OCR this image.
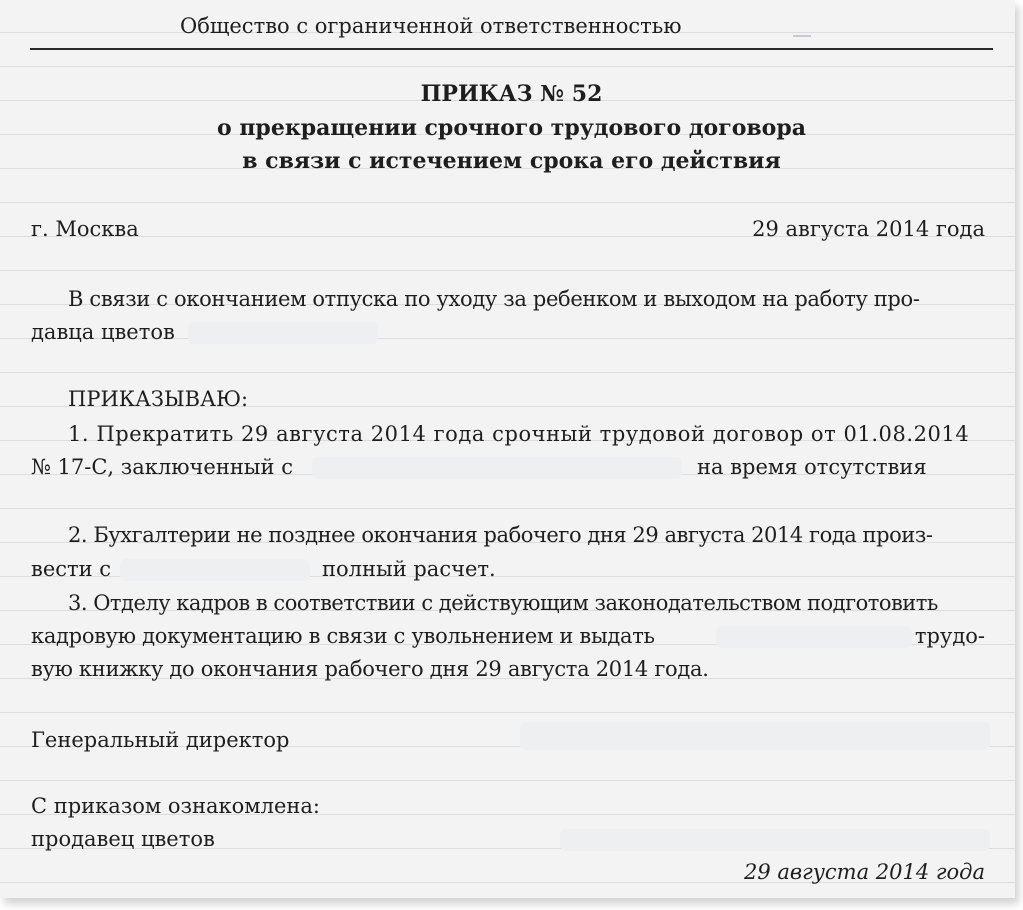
Общество с ограниченной ответственностью
ПРИКАЗ № 52
о прекращении срочного трудового договора
в связи с истечением срока его действия
г. Москва	29 августа 2014 года
В связи с окончанием отпуска по уходу за ребенком и выходом на работу про-
давца цветов
ПРИКАЗЫВАЮ:
1. Прекратить 29 августа 2014 года срочный трудовой договор от 01.08.2014
№ 17-С, заключенный с	на время отсутствия
2. Бухгалтерии не позднее окончания рабочего дня 29 августа 2014 года произ-
вести с	полный расчет.
3. Отделу кадров в соответствии с действующим законодательством подготовить
кадровую документацию в связи с увольнением и выдать	трудо-
вую книжку до окончания рабочего дня 29 августа 2014 года.
Генеральный директор
С приказом ознакомлена:
продавец цветов
29 августа 2014 года
